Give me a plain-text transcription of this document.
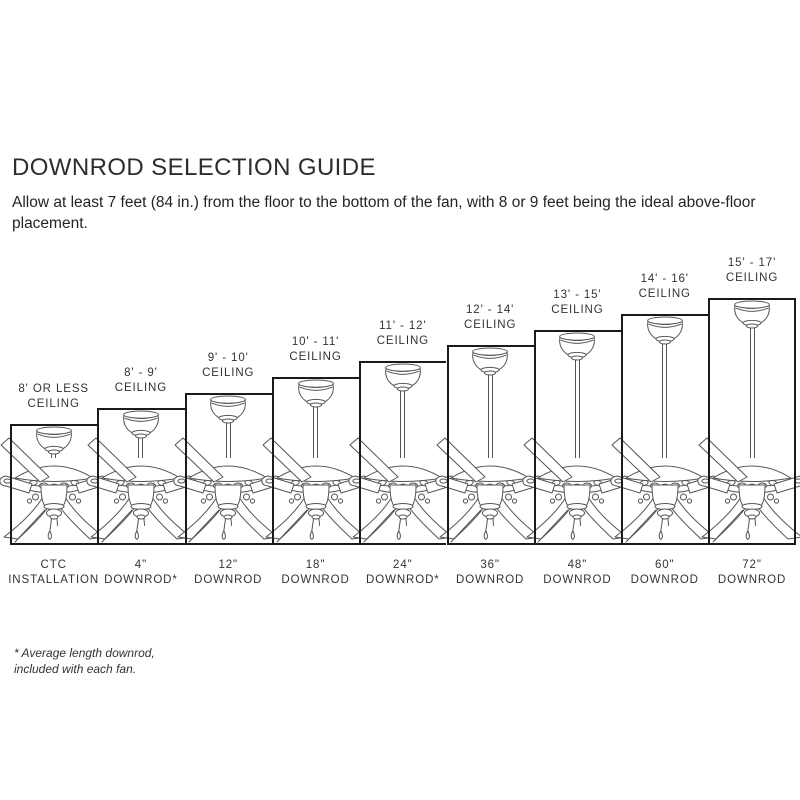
DOWNROD SELECTION GUIDE

Allow at least 7 feet (84 in.) from the floor to the bottom of the fan, with 8 or 9 feet being the ideal above-floor placement.

8' OR LESS
CEILING
CTC
INSTALLATION
8' - 9'
CEILING
4"
DOWNROD*
9' - 10'
CEILING
12"
DOWNROD
10' - 11'
CEILING
18"
DOWNROD
11' - 12'
CEILING
24"
DOWNROD*
12' - 14'
CEILING
36"
DOWNROD
13' - 15'
CEILING
48"
DOWNROD
14' - 16'
CEILING
60"
DOWNROD
15' - 17'
CEILING
72"
DOWNROD

* Average length downrod,
included with each fan.
